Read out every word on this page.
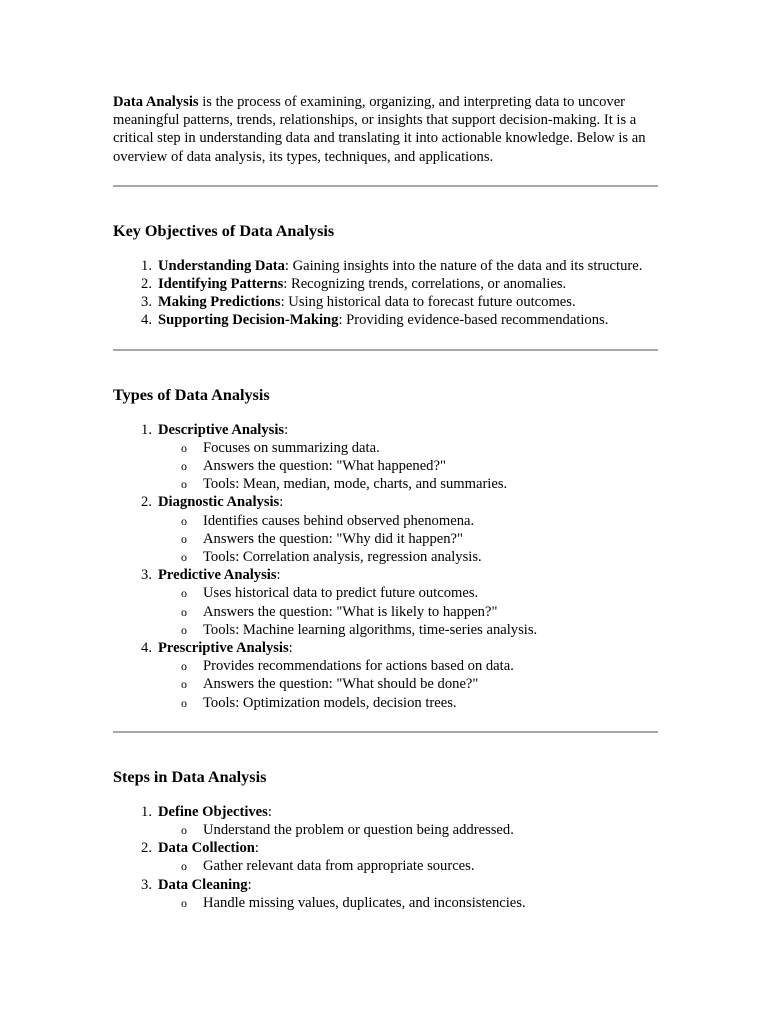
Data Analysis is the process of examining, organizing, and interpreting data to uncover meaningful patterns, trends, relationships, or insights that support decision-making. It is a critical step in understanding data and translating it into actionable knowledge. Below is an overview of data analysis, its types, techniques, and applications.

Key Objectives of Data Analysis
1. Understanding Data: Gaining insights into the nature of the data and its structure.
2. Identifying Patterns: Recognizing trends, correlations, or anomalies.
3. Making Predictions: Using historical data to forecast future outcomes.
4. Supporting Decision-Making: Providing evidence-based recommendations.
Types of Data Analysis
1. Descriptive Analysis:
o Focuses on summarizing data.
o Answers the question: "What happened?"
o Tools: Mean, median, mode, charts, and summaries.
2. Diagnostic Analysis:
o Identifies causes behind observed phenomena.
o Answers the question: "Why did it happen?"
o Tools: Correlation analysis, regression analysis.
3. Predictive Analysis:
o Uses historical data to predict future outcomes.
o Answers the question: "What is likely to happen?"
o Tools: Machine learning algorithms, time-series analysis.
4. Prescriptive Analysis:
o Provides recommendations for actions based on data.
o Answers the question: "What should be done?"
o Tools: Optimization models, decision trees.
Steps in Data Analysis
1. Define Objectives:
o Understand the problem or question being addressed.
2. Data Collection:
o Gather relevant data from appropriate sources.
3. Data Cleaning:
o Handle missing values, duplicates, and inconsistencies.
